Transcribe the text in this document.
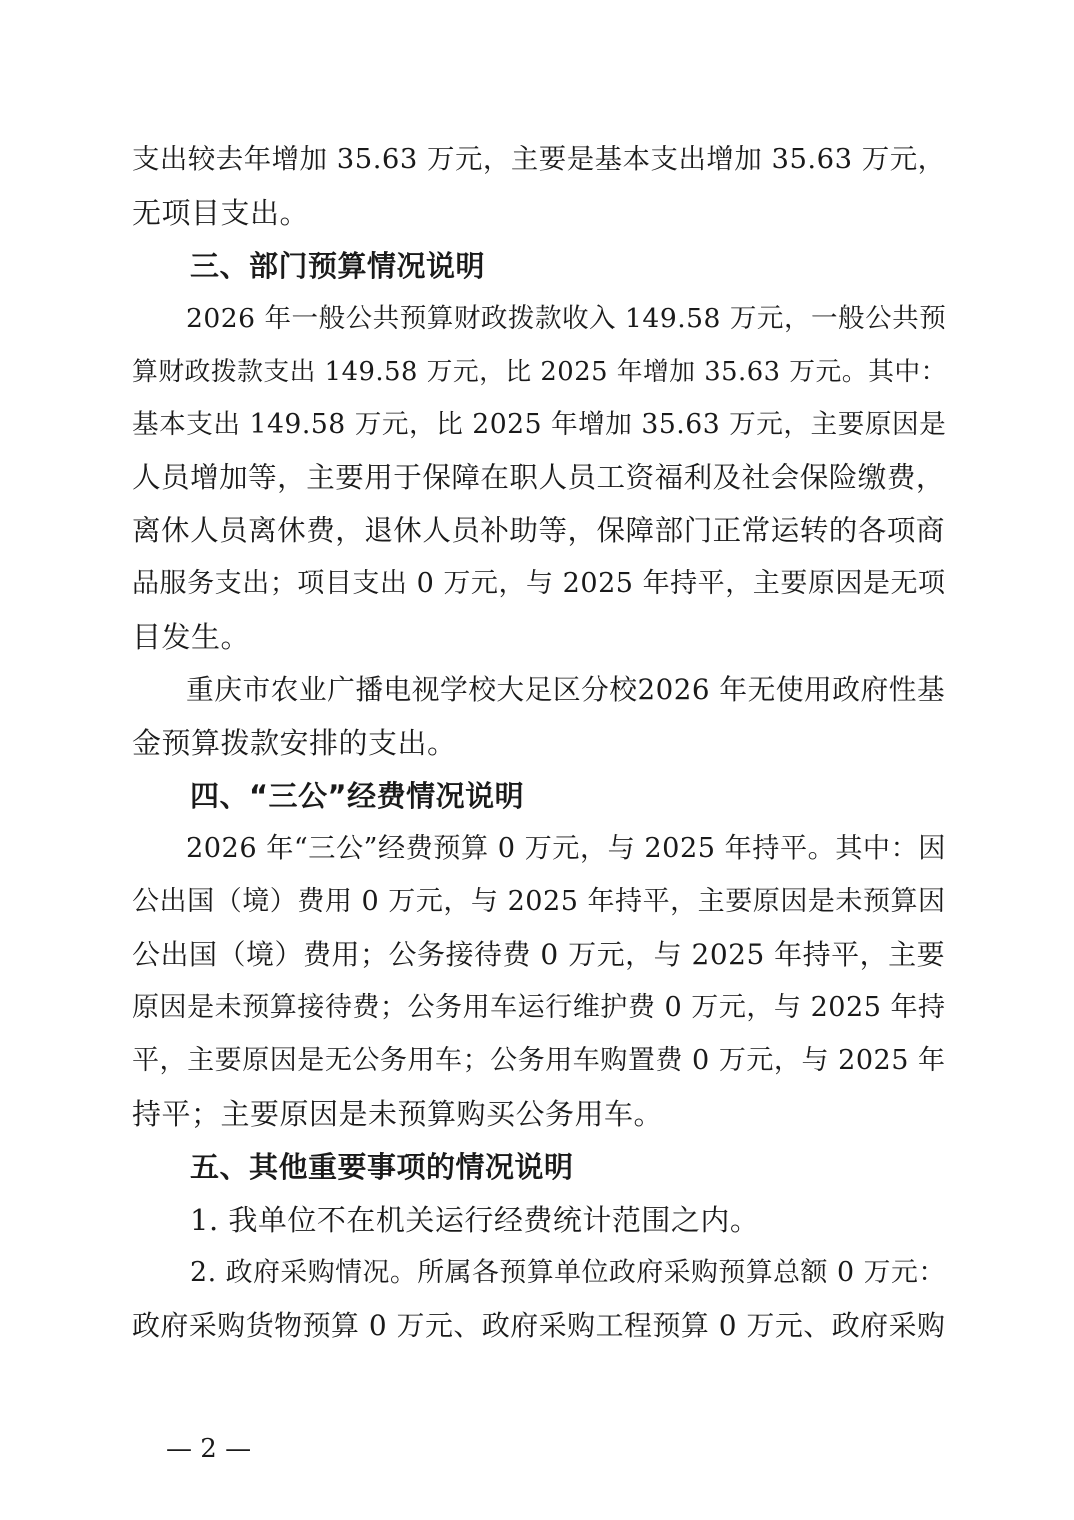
支出较去年增加 35.63 万元，主要是基本支出增加 35.63 万元，
无项目支出。
三、部门预算情况说明
2026 年一般公共预算财政拨款收入 149.58 万元，一般公共预
算财政拨款支出 149.58 万元，比 2025 年增加 35.63 万元。其中：
基本支出 149.58 万元，比 2025 年增加 35.63 万元，主要原因是
人员增加等，主要用于保障在职人员工资福利及社会保险缴费，
离休人员离休费，退休人员补助等，保障部门正常运转的各项商
品服务支出；项目支出 0 万元，与 2025 年持平，主要原因是无项
目发生。
重庆市农业广播电视学校大足区分校2026 年无使用政府性基
金预算拨款安排的支出。
四、“三公”经费情况说明
2026 年“三公”经费预算 0 万元，与 2025 年持平。其中：因
公出国（境）费用 0 万元，与 2025 年持平，主要原因是未预算因
公出国（境）费用；公务接待费 0 万元，与 2025 年持平，主要
原因是未预算接待费；公务用车运行维护费 0 万元，与 2025 年持
平，主要原因是无公务用车；公务用车购置费 0 万元，与 2025 年
持平；主要原因是未预算购买公务用车。
五、其他重要事项的情况说明
1. 我单位不在机关运行经费统计范围之内。
2. 政府采购情况。所属各预算单位政府采购预算总额 0 万元：
政府采购货物预算 0 万元、政府采购工程预算 0 万元、政府采购
— 2 —
